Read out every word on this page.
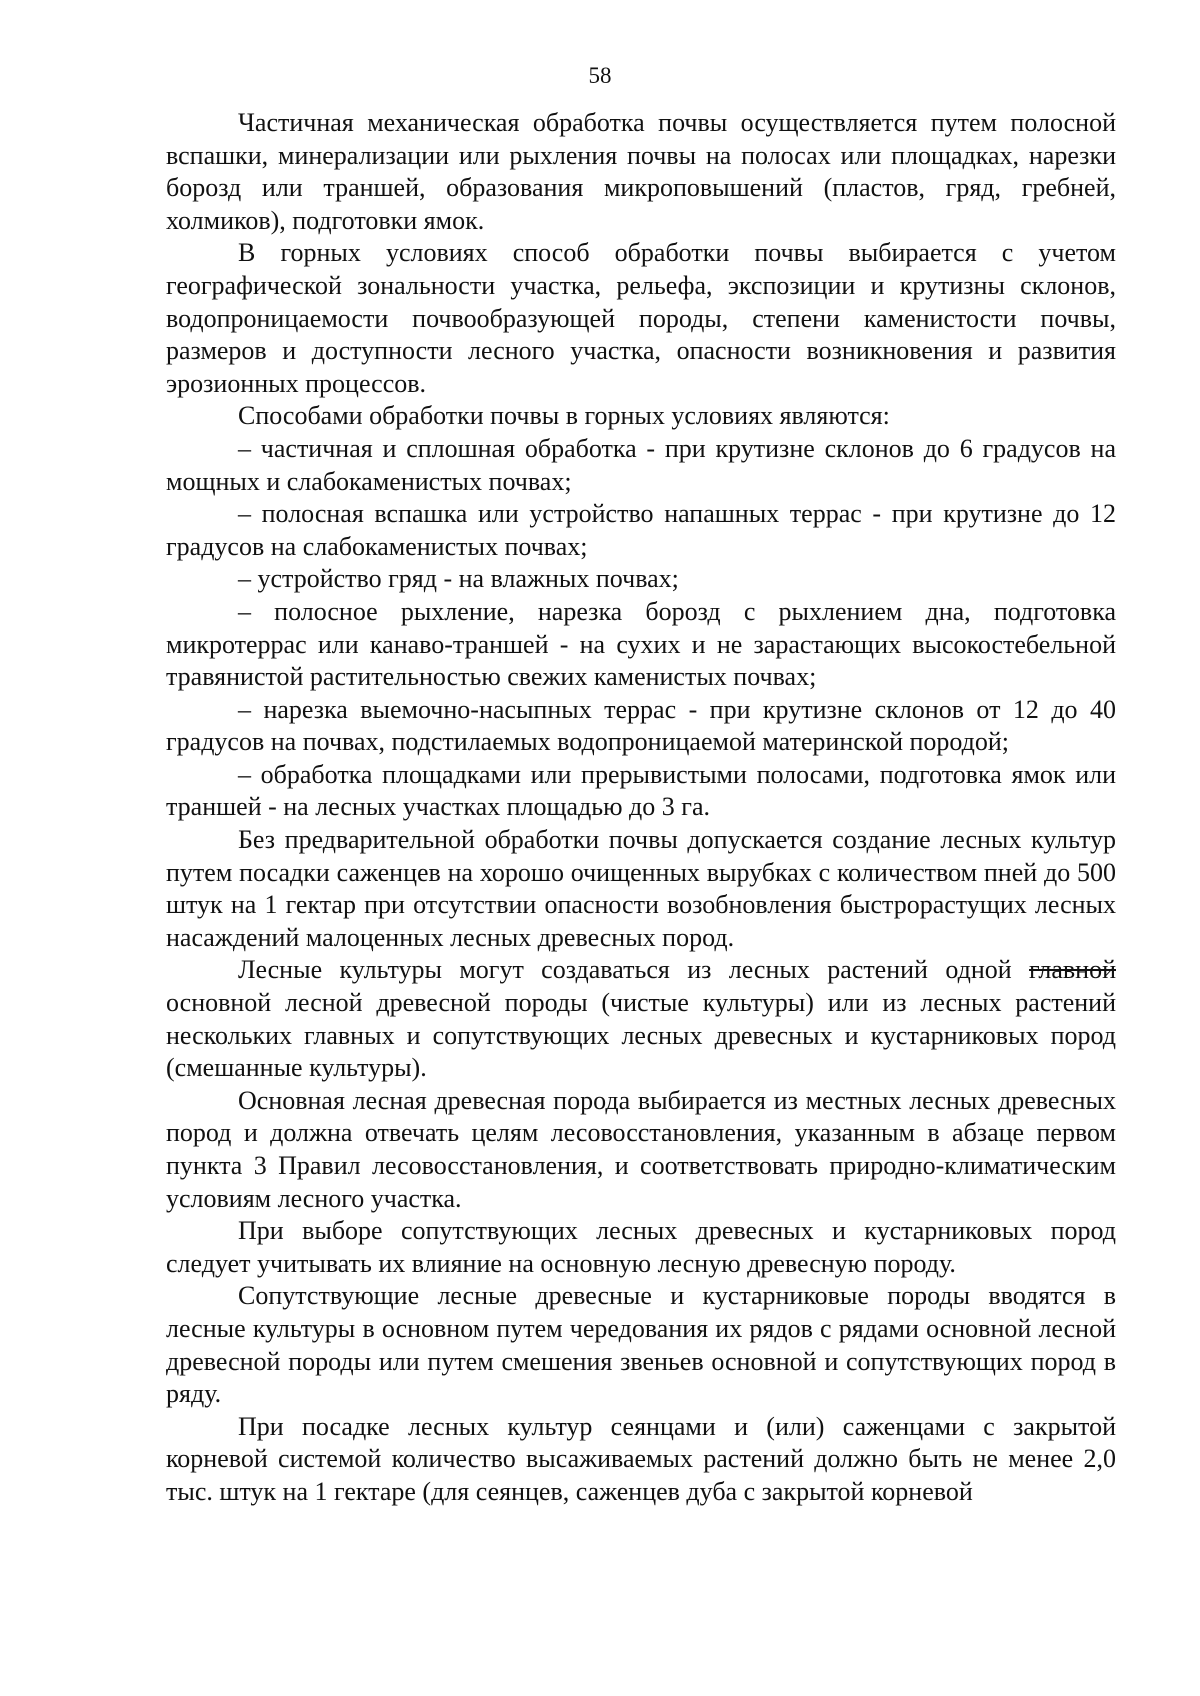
58

Частичная механическая обработка почвы осуществляется путем полосной вспашки, минерализации или рыхления почвы на полосах или площадках, нарезки борозд или траншей, образования микроповышений (пластов, гряд, гребней, холмиков), подготовки ямок.

В горных условиях способ обработки почвы выбирается с учетом географической зональности участка, рельефа, экспозиции и крутизны склонов, водопроницаемости почвообразующей породы, степени каменистости почвы, размеров и доступности лесного участка, опасности возникновения и развития эрозионных процессов.

Способами обработки почвы в горных условиях являются:

– частичная и сплошная обработка - при крутизне склонов до 6 градусов на мощных и слабокаменистых почвах;

– полосная вспашка или устройство напашных террас - при крутизне до 12 градусов на слабокаменистых почвах;

– устройство гряд - на влажных почвах;

– полосное рыхление, нарезка борозд с рыхлением дна, подготовка микротеррас или канаво-траншей - на сухих и не зарастающих высокостебельной травянистой растительностью свежих каменистых почвах;

– нарезка выемочно-насыпных террас - при крутизне склонов от 12 до 40 градусов на почвах, подстилаемых водопроницаемой материнской породой;

– обработка площадками или прерывистыми полосами, подготовка ямок или траншей - на лесных участках площадью до 3 га.

Без предварительной обработки почвы допускается создание лесных культур путем посадки саженцев на хорошо очищенных вырубках с количеством пней до 500 штук на 1 гектар при отсутствии опасности возобновления быстрорастущих лесных насаждений малоценных лесных древесных пород.

Лесные культуры могут создаваться из лесных растений одной главной основной лесной древесной породы (чистые культуры) или из лесных растений нескольких главных и сопутствующих лесных древесных и кустарниковых пород (смешанные культуры).

Основная лесная древесная порода выбирается из местных лесных древесных пород и должна отвечать целям лесовосстановления, указанным в абзаце первом пункта 3 Правил лесовосстановления, и соответствовать природно-климатическим условиям лесного участка.

При выборе сопутствующих лесных древесных и кустарниковых пород следует учитывать их влияние на основную лесную древесную породу.

Сопутствующие лесные древесные и кустарниковые породы вводятся в лесные культуры в основном путем чередования их рядов с рядами основной лесной древесной породы или путем смешения звеньев основной и сопутствующих пород в ряду.

При посадке лесных культур сеянцами и (или) саженцами с закрытой корневой системой количество высаживаемых растений должно быть не менее 2,0 тыс. штук на 1 гектаре (для сеянцев, саженцев дуба с закрытой корневой
